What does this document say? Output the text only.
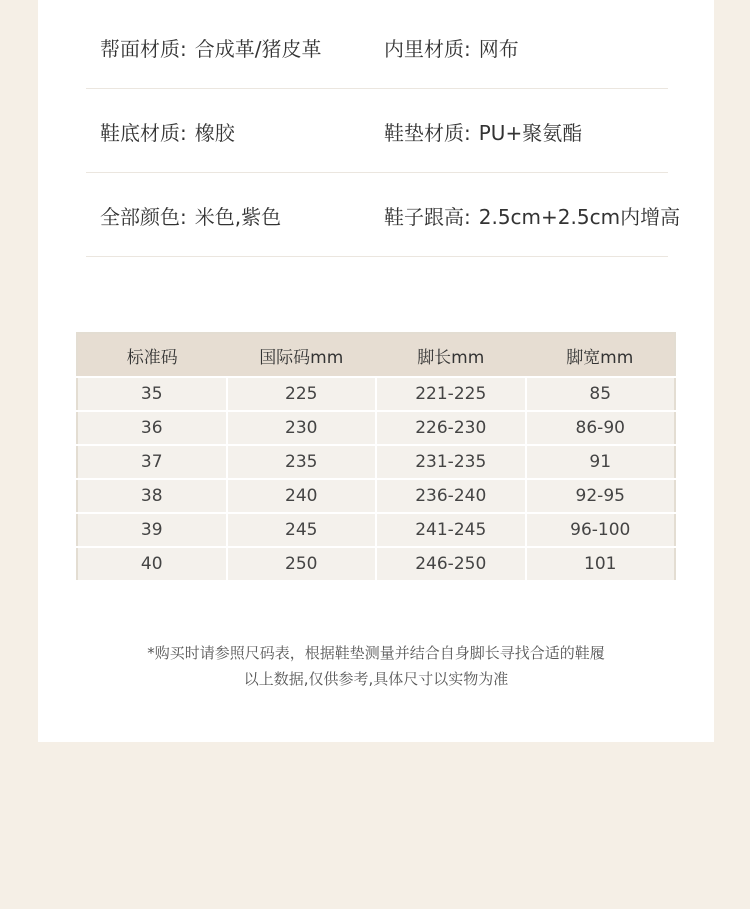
帮面材质: 合成革/猪皮革	内里材质: 网布
鞋底材质: 橡胶	鞋垫材质: PU+聚氨酯
全部颜色: 米色,紫色	鞋子跟高: 2.5cm+2.5cm内增高
标准码	国际码mm	脚长mm	脚宽mm
35	225	221-225	85
36	230	226-230	86-90
37	235	231-235	91
38	240	236-240	92-95
39	245	241-245	96-100
40	250	246-250	101
*购买时请参照尺码表，根据鞋垫测量并结合自身脚长寻找合适的鞋履
以上数据,仅供参考,具体尺寸以实物为准
